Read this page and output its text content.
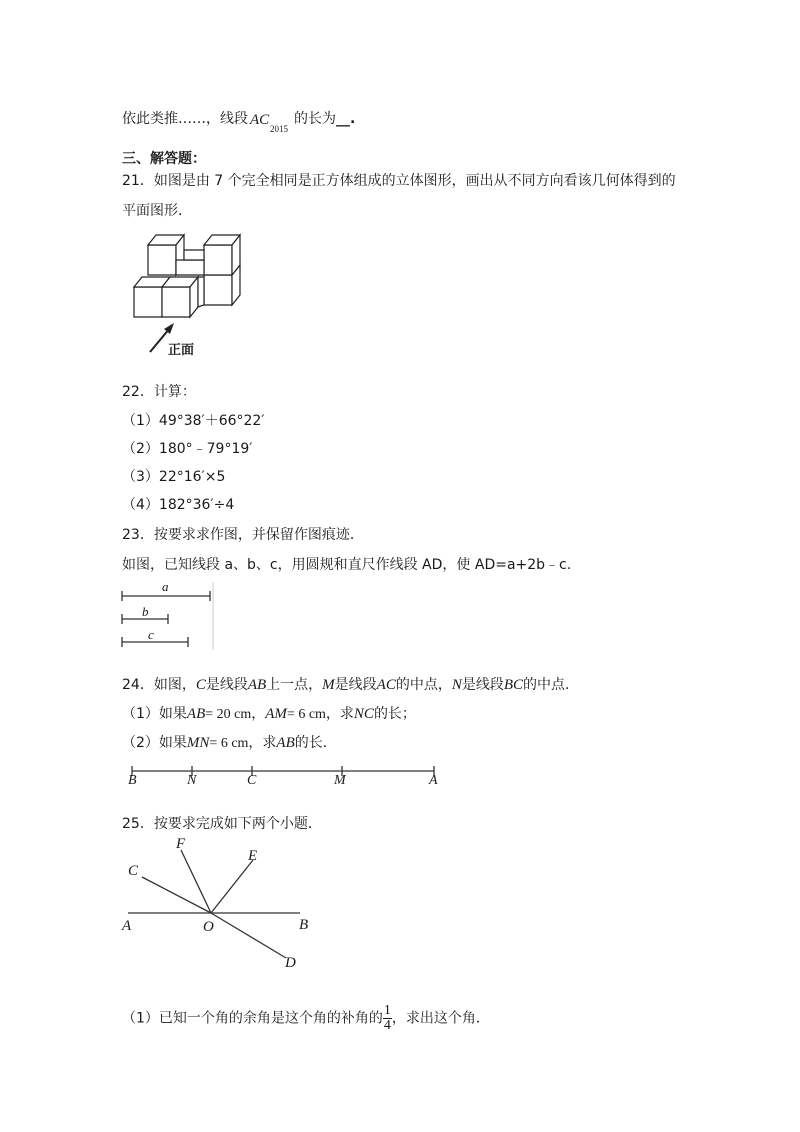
依此类推……，线段 AC
2015
的长为__.
三、解答题：
21．如图是由 7 个完全相同是正方体组成的立体图形，画出从不同方向看该几何体得到的
平面图形.
正面
22．计算：
（1）49°38′＋66°22′
（2）180°﹣79°19′
（3）22°16′×5
（4）182°36′÷4
23．按要求求作图，并保留作图痕迹．
如图，已知线段 a、b、c，用圆规和直尺作线段 AD，使 AD=a+2b﹣c.
a
b
c
24．如图，C是线段AB上一点，M是线段AC的中点，N是线段BC的中点．
（1）如果AB= 20 cm，AM= 6 cm，求NC的长；
（2）如果MN= 6 cm，求AB的长．
B	N	C	M	A
25．按要求完成如下两个小题．
F
E
C
A	O	B
D
（1）已知一个角的余角是这个角的补角的 $\frac{1}{4}$ ，求出这个角．
